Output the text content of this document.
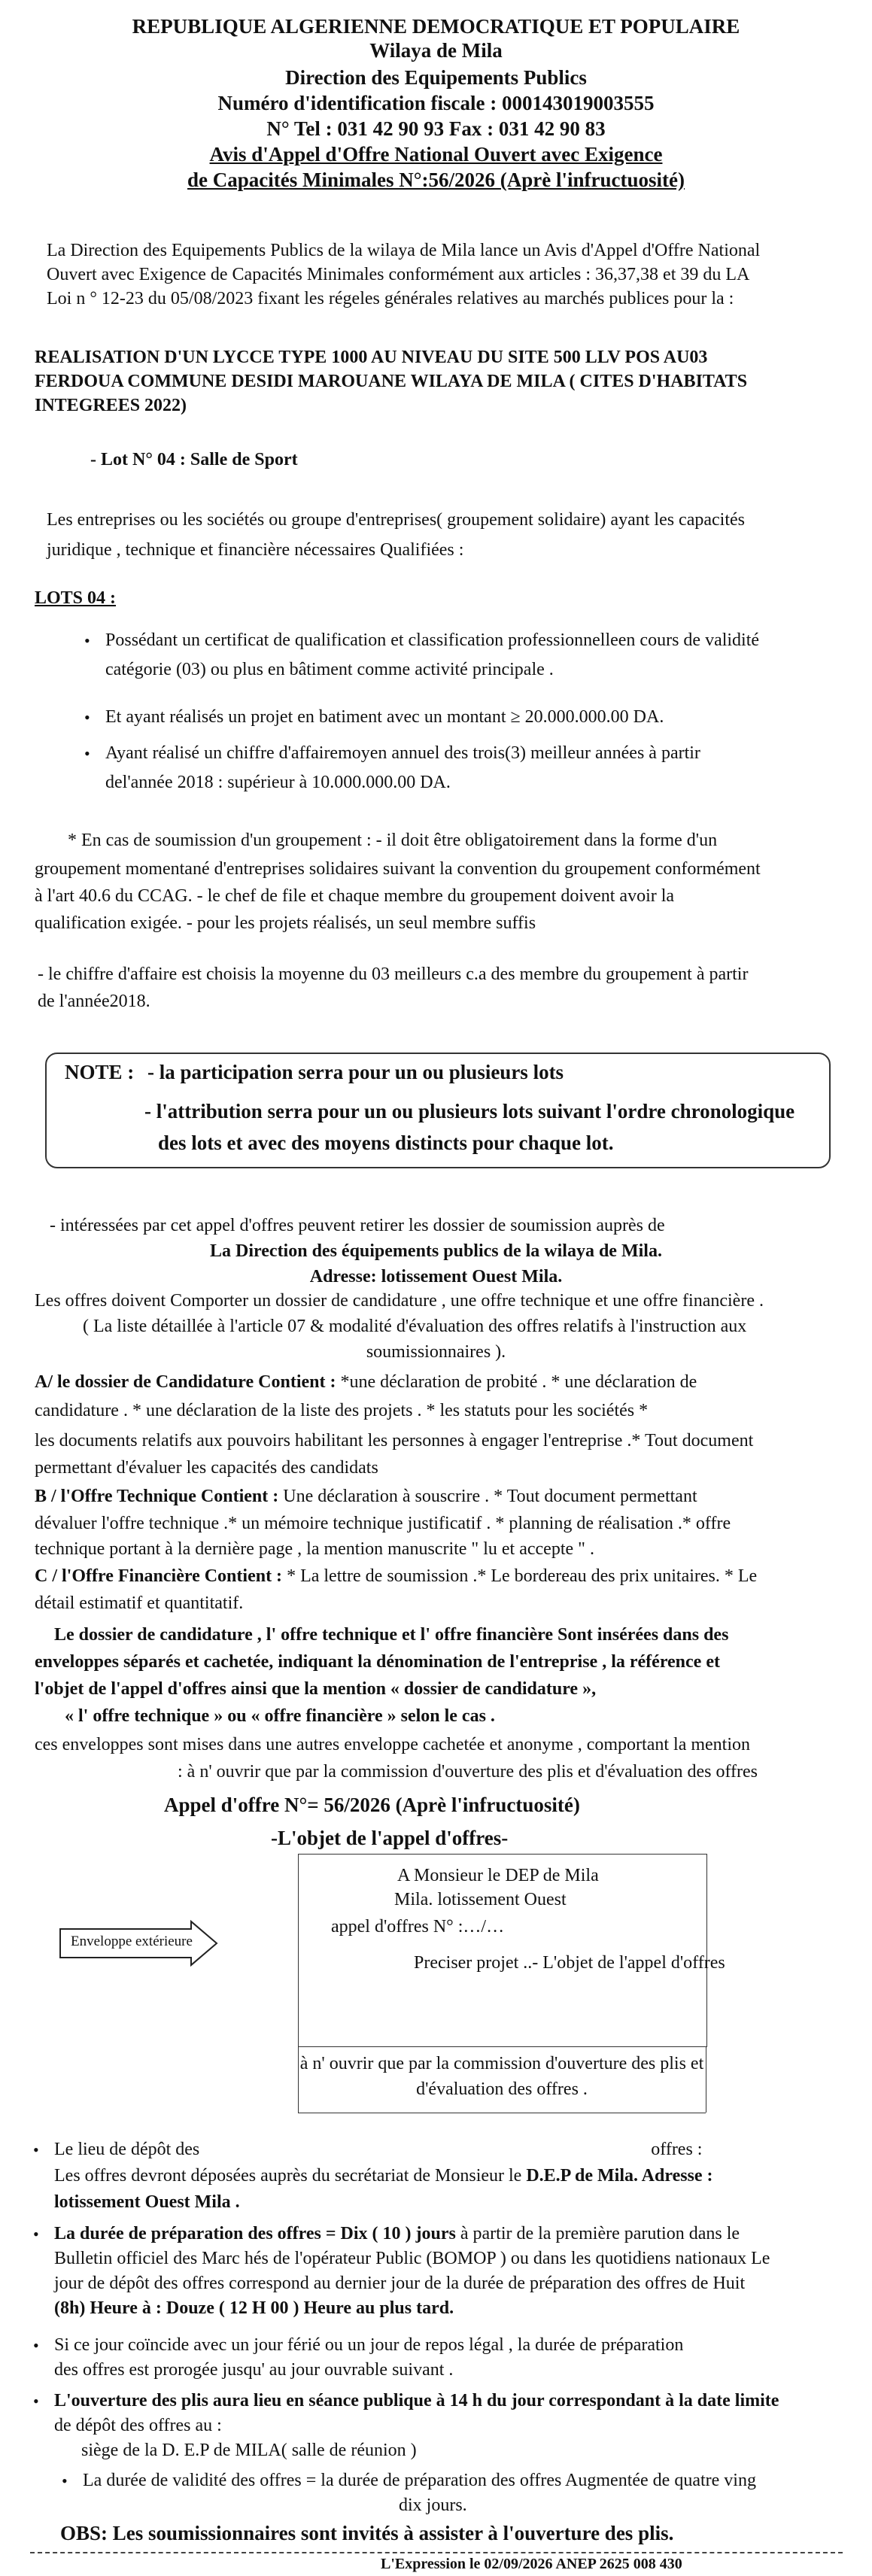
REPUBLIQUE ALGERIENNE DEMOCRATIQUE ET POPULAIRE
Wilaya de Mila
Direction des Equipements Publics
Numéro d'identification fiscale : 000143019003555
N° Tel : 031 42 90 93 Fax : 031 42 90 83
Avis d'Appel d'Offre National Ouvert avec Exigence
de Capacités Minimales N°:56/2026 (Aprè l'infructuosité)
La Direction des Equipements Publics de la wilaya de Mila lance un Avis d'Appel d'Offre National
Ouvert avec Exigence de Capacités Minimales conformément aux articles : 36,37,38 et 39 du LA
Loi n ° 12-23 du 05/08/2023 fixant les régeles générales relatives au marchés publices pour la :
REALISATION D'UN LYCCE TYPE 1000 AU NIVEAU DU SITE 500 LLV POS AU03
FERDOUA COMMUNE DESIDI MAROUANE WILAYA DE MILA ( CITES D'HABITATS
INTEGREES 2022)
- Lot N° 04 : Salle de Sport
Les entreprises ou les sociétés ou groupe d'entreprises( groupement solidaire) ayant les capacités
juridique , technique et financière nécessaires Qualifiées :
LOTS 04 :
• Possédant un certificat de qualification et classification professionnelleen cours de validité
catégorie (03) ou plus en bâtiment comme activité principale .
• Et ayant réalisés un projet en batiment avec un montant ≥ 20.000.000.00 DA.
• Ayant réalisé un chiffre d'affairemoyen annuel des trois(3) meilleur années à partir
del'année 2018 : supérieur à 10.000.000.00 DA.
* En cas de soumission d'un groupement : - il doit être obligatoirement dans la forme d'un
groupement momentané d'entreprises solidaires suivant la convention du groupement conformément
à l'art 40.6 du CCAG. - le chef de file et chaque membre du groupement doivent avoir la
qualification exigée. - pour les projets réalisés, un seul membre suffis
- le chiffre d'affaire est choisis la moyenne du 03 meilleurs c.a des membre du groupement à partir
de l'année2018.
NOTE : - la participation serra pour un ou plusieurs lots
- l'attribution serra pour un ou plusieurs lots suivant l'ordre chronologique
des lots et avec des moyens distincts pour chaque lot.
- intéressées par cet appel d'offres peuvent retirer les dossier de soumission auprès de
La Direction des équipements publics de la wilaya de Mila.
Adresse: lotissement Ouest Mila.
Les offres doivent Comporter un dossier de candidature , une offre technique et une offre financière .
( La liste détaillée à l'article 07 & modalité d'évaluation des offres relatifs à l'instruction aux
soumissionnaires ).
A/ le dossier de Candidature Contient : *une déclaration de probité . * une déclaration de
candidature . * une déclaration de la liste des projets . * les statuts pour les sociétés *
les documents relatifs aux pouvoirs habilitant les personnes à engager l'entreprise .* Tout document
permettant d'évaluer les capacités des candidats
B / l'Offre Technique Contient : Une déclaration à souscrire . * Tout document permettant
dévaluer l'offre technique .* un mémoire technique justificatif . * planning de réalisation .* offre
technique portant à la dernière page , la mention manuscrite " lu et accepte " .
C / l'Offre Financière Contient : * La lettre de soumission .* Le bordereau des prix unitaires. * Le
détail estimatif et quantitatif.
Le dossier de candidature , l' offre technique et l' offre financière Sont insérées dans des
enveloppes séparés et cachetée, indiquant la dénomination de l'entreprise , la référence et
l'objet de l'appel d'offres ainsi que la mention « dossier de candidature »,
« l' offre technique » ou « offre financière » selon le cas .
ces enveloppes sont mises dans une autres enveloppe cachetée et anonyme , comportant la mention
: à n' ouvrir que par la commission d'ouverture des plis et d'évaluation des offres
Appel d'offre N°= 56/2026 (Aprè l'infructuosité)
-L'objet de l'appel d'offres-
Enveloppe extérieure
A Monsieur le DEP de Mila
Mila. lotissement Ouest
appel d'offres N° :…/…
Preciser projet ..- L'objet de l'appel d'offres
à n' ouvrir que par la commission d'ouverture des plis et
d'évaluation des offres .
• Le lieu de dépôt des	offres :
Les offres devront déposées auprès du secrétariat de Monsieur le D.E.P de Mila. Adresse :
lotissement Ouest Mila .
• La durée de préparation des offres = Dix ( 10 ) jours à partir de la première parution dans le
Bulletin officiel des Marc hés de l'opérateur Public (BOMOP ) ou dans les quotidiens nationaux Le
jour de dépôt des offres correspond au dernier jour de la durée de préparation des offres de Huit
(8h) Heure à : Douze ( 12 H 00 ) Heure au plus tard.
• Si ce jour coïncide avec un jour férié ou un jour de repos légal , la durée de préparation
des offres est prorogée jusqu' au jour ouvrable suivant .
• L'ouverture des plis aura lieu en séance publique à 14 h du jour correspondant à la date limite
de dépôt des offres au :
siège de la D. E.P de MILA( salle de réunion )
• La durée de validité des offres = la durée de préparation des offres Augmentée de quatre ving
dix jours.
OBS: Les soumissionnaires sont invités à assister à l'ouverture des plis.
L'Expression le 02/09/2026 ANEP 2625 008 430
